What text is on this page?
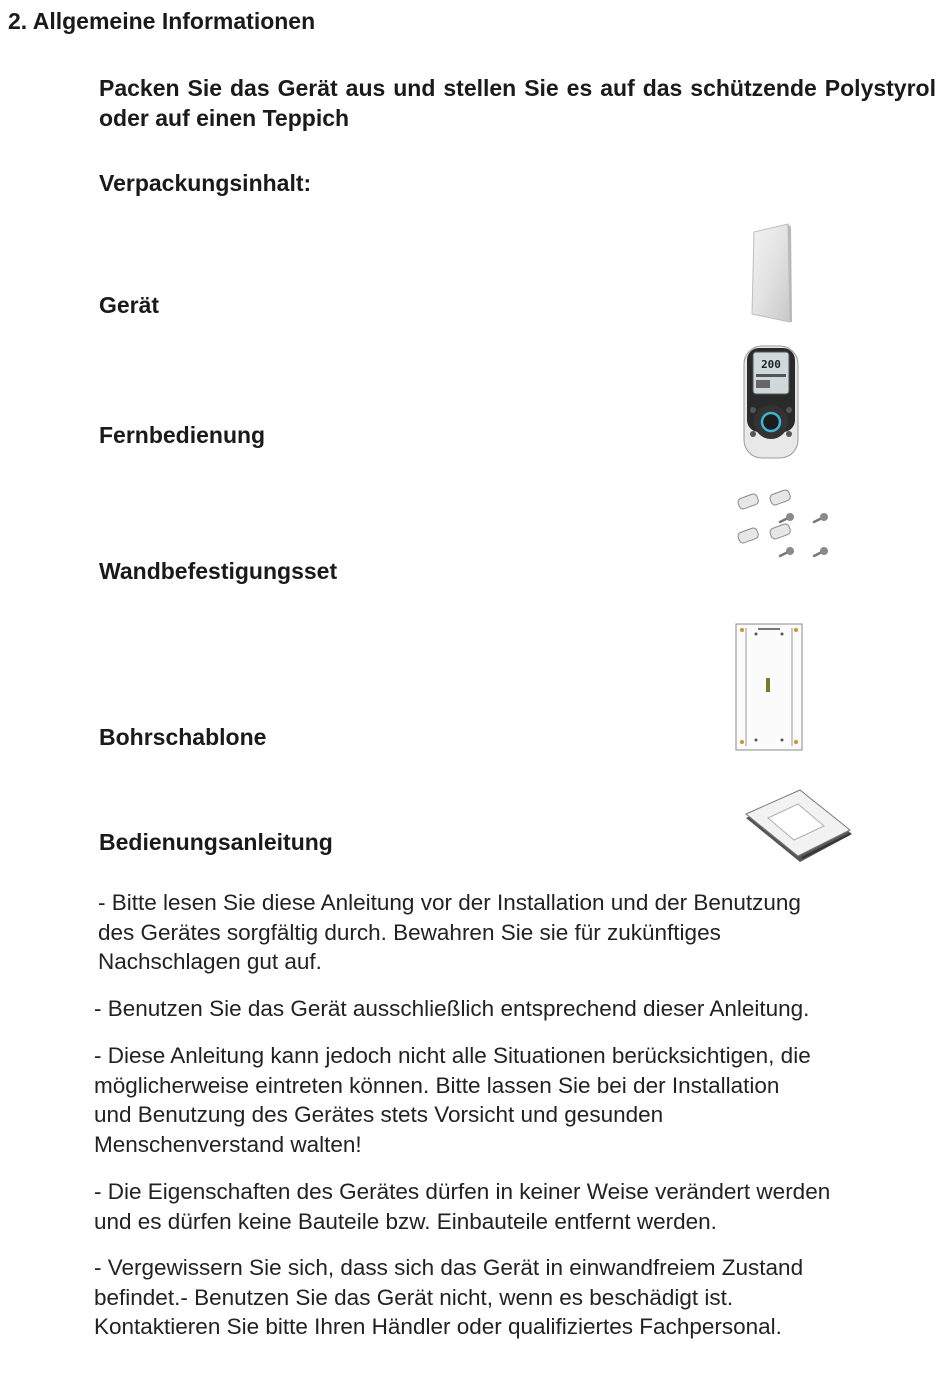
2. Allgemeine Informationen
Packen Sie das Gerät aus und stellen Sie es auf das schützende Polystyrol oder auf einen Teppich
Verpackungsinhalt:
Gerät
Fernbedienung
200
Wandbefestigungsset
Bohrschablone
Bedienungsanleitung
- Bitte lesen Sie diese Anleitung vor der Installation und der Benutzung
des Gerätes sorgfältig durch. Bewahren Sie sie für zukünftiges
Nachschlagen gut auf.
- Benutzen Sie das Gerät ausschließlich entsprechend dieser Anleitung.
- Diese Anleitung kann jedoch nicht alle Situationen berücksichtigen, die
möglicherweise eintreten können. Bitte lassen Sie bei der Installation
und Benutzung des Gerätes stets Vorsicht und gesunden
Menschenverstand walten!
- Die Eigenschaften des Gerätes dürfen in keiner Weise verändert werden
und es dürfen keine Bauteile bzw. Einbauteile entfernt werden.
- Vergewissern Sie sich, dass sich das Gerät in einwandfreiem Zustand
befindet.- Benutzen Sie das Gerät nicht, wenn es beschädigt ist.
Kontaktieren Sie bitte Ihren Händler oder qualifiziertes Fachpersonal.
